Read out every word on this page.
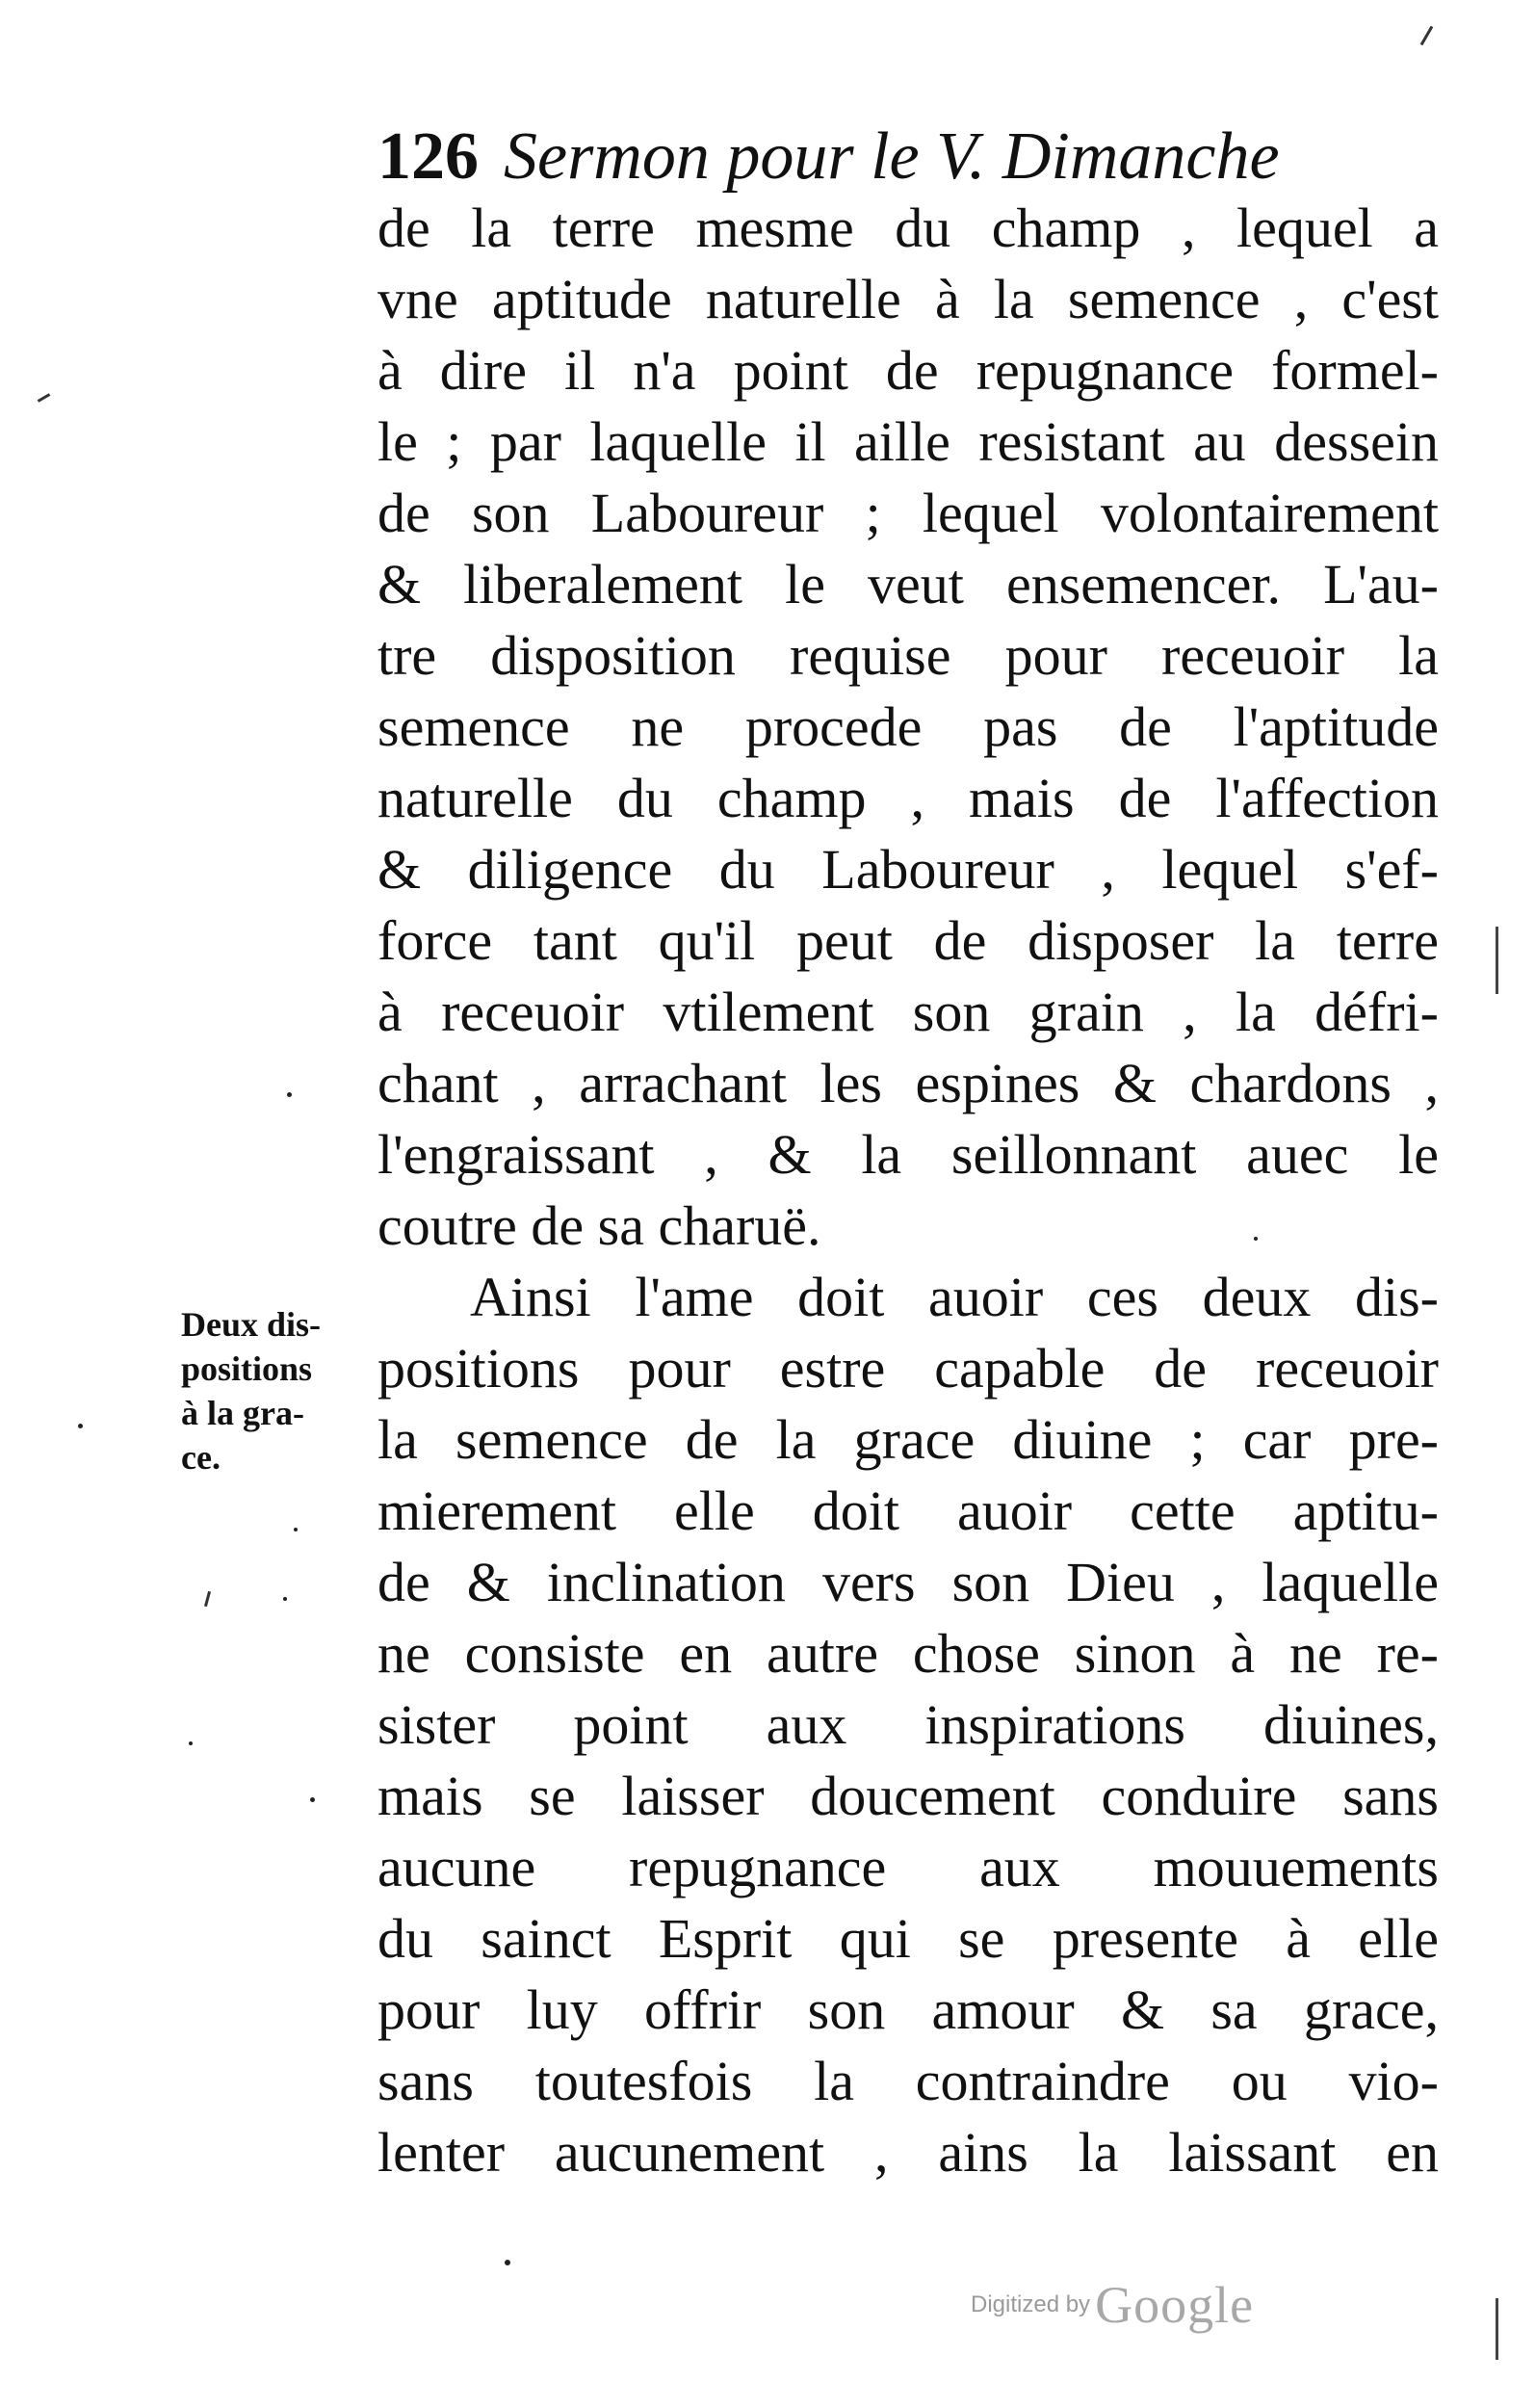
126 Sermon pour le V. Dimanche
de la terre mesme du champ , lequel a
vne aptitude naturelle à la semence , c'est
à dire il n'a point de repugnance formel-
le ; par laquelle il aille resistant au dessein
de son Laboureur ; lequel volontairement
& liberalement le veut ensemencer. L'au-
tre disposition requise pour receuoir la
semence ne procede pas de l'aptitude
naturelle du champ , mais de l'affection
& diligence du Laboureur , lequel s'ef-
force tant qu'il peut de disposer la terre
à receuoir vtilement son grain , la défri-
chant , arrachant les espines & chardons ,
l'engraissant , & la seillonnant auec le
coutre de sa charuë.
Ainsi l'ame doit auoir ces deux dis-
positions pour estre capable de receuoir
la semence de la grace diuine ; car pre-
mierement elle doit auoir cette aptitu-
de & inclination vers son Dieu , laquelle
ne consiste en autre chose sinon à ne re-
sister point aux inspirations diuines,
mais se laisser doucement conduire sans
aucune repugnance aux mouuements
du sainct Esprit qui se presente à elle
pour luy offrir son amour & sa grace,
sans toutesfois la contraindre ou vio-
lenter aucunement , ains la laissant en
Deux dis-
positions
à la gra-
ce.
Digitized by Google
